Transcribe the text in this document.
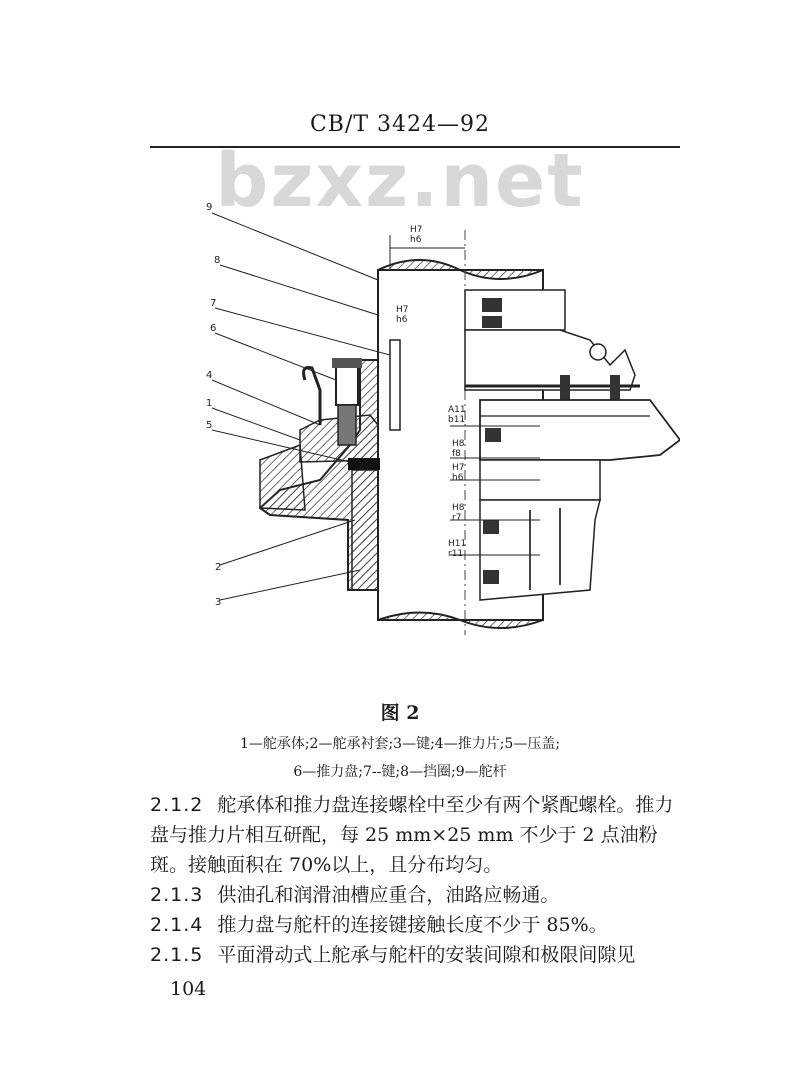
CB/T 3424—92
bzxz.net
9
8
7
6
4
1
5
2
3
H7
h6
H7
h6
A11
b11
H8
f8
H7
h6
H8
r7
H11
r11
图 2
1—舵承体;2—舵承衬套;3—键;4—推力片;5—压盖;
6—推力盘;7--键;8—挡圈;9—舵杆
2.1.2 舵承体和推力盘连接螺栓中至少有两个紧配螺栓。推力盘与推力片相互研配，每 25 mm×25 mm 不少于 2 点油粉斑。接触面积在 70%以上，且分布均匀。
2.1.3 供油孔和润滑油槽应重合，油路应畅通。
2.1.4 推力盘与舵杆的连接键接触长度不少于 85%。
2.1.5 平面滑动式上舵承与舵杆的安装间隙和极限间隙见
104
